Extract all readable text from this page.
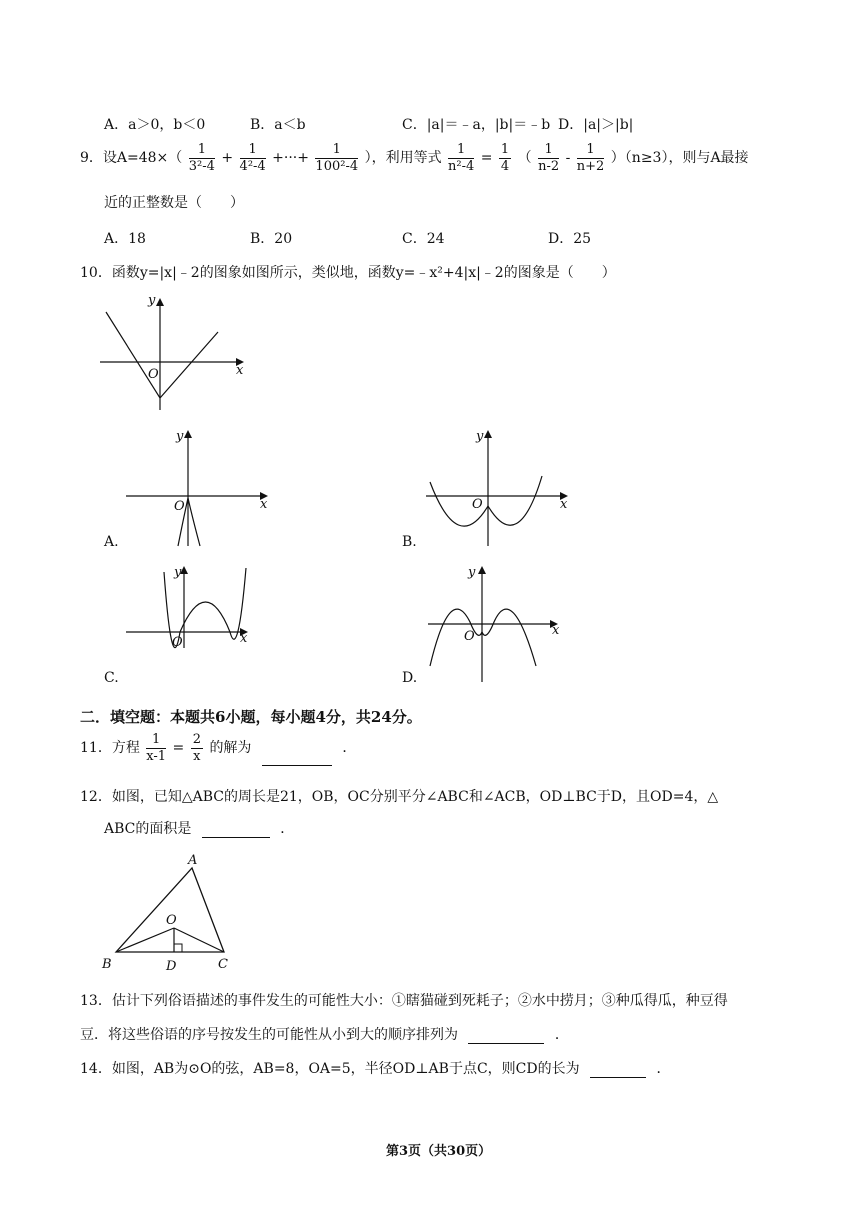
A．a＞0，b＜0	B．a＜b	C．|a|＝﹣a，|b|＝﹣b D．|a|＞|b|
9．设$A=48\times( \frac{1}{\text{3²-4}} + \frac{1}{\text{4²-4}}$ +···+ $\frac{1}{\text{100²-4}}$ ），利用等式 $\frac{1}{\text{n²-4}} = \frac{1}{4}$ （ $\frac{1}{n-2} - \frac{1}{n+2} )(n\ge 3)$，则与A最接
近的正整数是（　　）
A．18	B．20	C．24	D．25
10．函数y=|x|﹣2的图象如图所示，类似地，函数y=﹣x²+4|x|﹣2的图象是（　　）
y
x
O
y
x
O
A.
y
x
O
B.
y
x
O
C.
y
x
O
D.
二．填空题：本题共6小题，每小题4分，共24分。
11．方程 $\frac{1}{x-1} = \frac{2}{x}$ 的解为	．
12．如图，已知△ABC的周长是21，OB，OC分别平分∠ABC和∠ACB，OD⊥BC于D，且OD=4，△
ABC的面积是	．
A
B	C
D
O
13．估计下列俗语描述的事件发生的可能性大小：①瞎猫碰到死耗子；②水中捞月；③种瓜得瓜，种豆得
豆．将这些俗语的序号按发生的可能性从小到大的顺序排列为	．
14．如图，AB为⊙O的弦，AB=8，OA=5，半径OD⊥AB于点C，则CD的长为	．
第3页（共30页）
